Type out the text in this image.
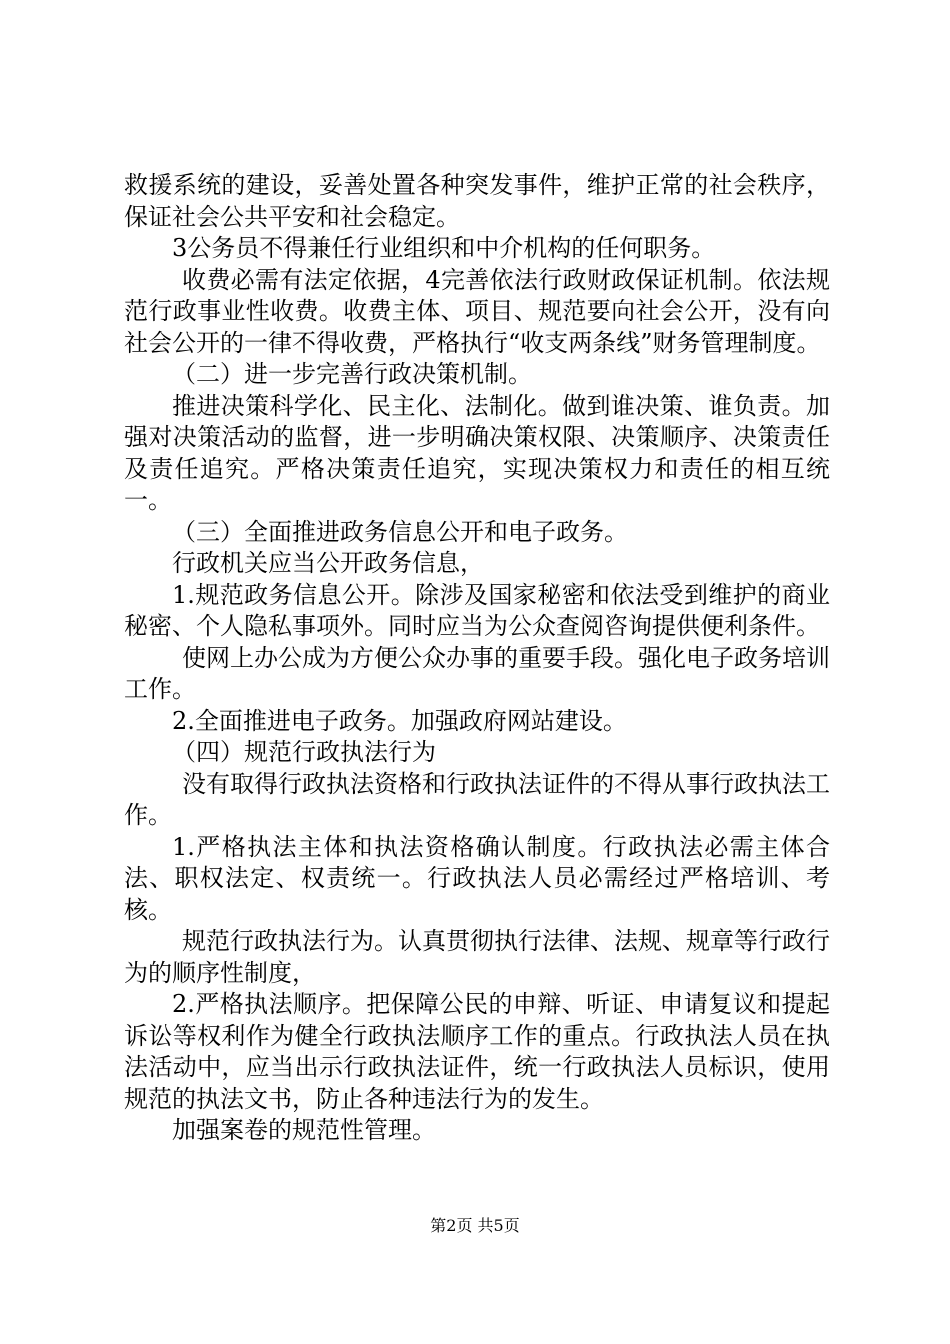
救援系统的建设，妥善处置各种突发事件，维护正常的社会秩序，保证社会公共平安和社会稳定。

3公务员不得兼任行业组织和中介机构的任何职务。

收费必需有法定依据，4完善依法行政财政保证机制。依法规范行政事业性收费。收费主体、项目、规范要向社会公开，没有向社会公开的一律不得收费，严格执行“收支两条线”财务管理制度。

（二）进一步完善行政决策机制。

推进决策科学化、民主化、法制化。做到谁决策、谁负责。加强对决策活动的监督，进一步明确决策权限、决策顺序、决策责任及责任追究。严格决策责任追究，实现决策权力和责任的相互统一。

（三）全面推进政务信息公开和电子政务。

行政机关应当公开政务信息，

1.规范政务信息公开。除涉及国家秘密和依法受到维护的商业秘密、个人隐私事项外。同时应当为公众查阅咨询提供便利条件。

使网上办公成为方便公众办事的重要手段。强化电子政务培训工作。

2.全面推进电子政务。加强政府网站建设。

（四）规范行政执法行为

没有取得行政执法资格和行政执法证件的不得从事行政执法工作。

1.严格执法主体和执法资格确认制度。行政执法必需主体合法、职权法定、权责统一。行政执法人员必需经过严格培训、考核。

规范行政执法行为。认真贯彻执行法律、法规、规章等行政行为的顺序性制度，

2.严格执法顺序。把保障公民的申辩、听证、申请复议和提起诉讼等权利作为健全行政执法顺序工作的重点。行政执法人员在执法活动中，应当出示行政执法证件，统一行政执法人员标识，使用规范的执法文书，防止各种违法行为的发生。

加强案卷的规范性管理。

第2页 共5页
